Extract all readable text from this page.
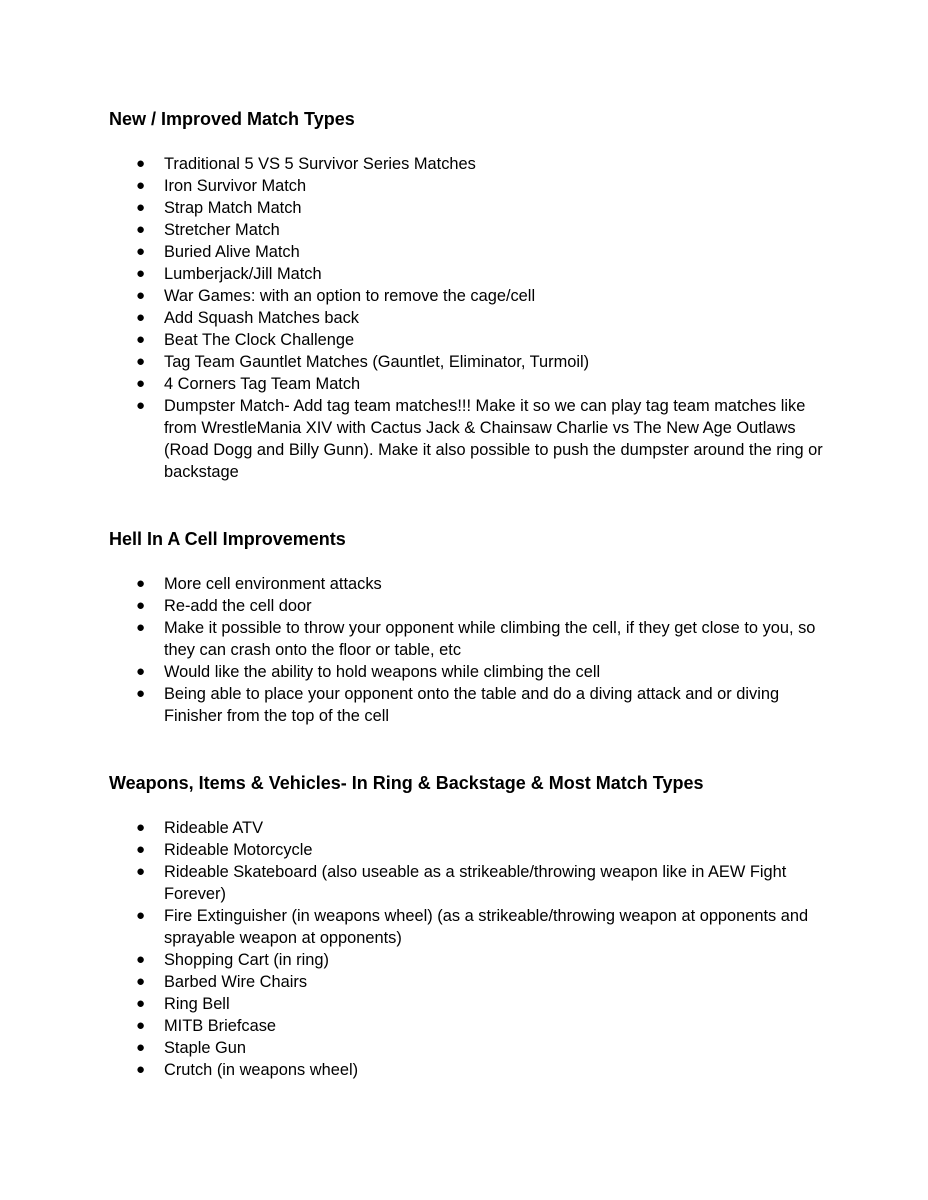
New / Improved Match Types
● Traditional 5 VS 5 Survivor Series Matches
● Iron Survivor Match
● Strap Match Match
● Stretcher Match
● Buried Alive Match
● Lumberjack/Jill Match
● War Games: with an option to remove the cage/cell
● Add Squash Matches back
● Beat The Clock Challenge
● Tag Team Gauntlet Matches (Gauntlet, Eliminator, Turmoil)
● 4 Corners Tag Team Match
● Dumpster Match- Add tag team matches!!! Make it so we can play tag team matches like from WrestleMania XIV with Cactus Jack & Chainsaw Charlie vs The New Age Outlaws (Road Dogg and Billy Gunn). Make it also possible to push the dumpster around the ring or backstage
Hell In A Cell Improvements
● More cell environment attacks
● Re-add the cell door
● Make it possible to throw your opponent while climbing the cell, if they get close to you, so they can crash onto the floor or table, etc
● Would like the ability to hold weapons while climbing the cell
● Being able to place your opponent onto the table and do a diving attack and or diving Finisher from the top of the cell
Weapons, Items & Vehicles- In Ring & Backstage & Most Match Types
● Rideable ATV
● Rideable Motorcycle
● Rideable Skateboard (also useable as a strikeable/throwing weapon like in AEW Fight Forever)
● Fire Extinguisher (in weapons wheel) (as a strikeable/throwing weapon at opponents and sprayable weapon at opponents)
● Shopping Cart (in ring)
● Barbed Wire Chairs
● Ring Bell
● MITB Briefcase
● Staple Gun
● Crutch (in weapons wheel)
